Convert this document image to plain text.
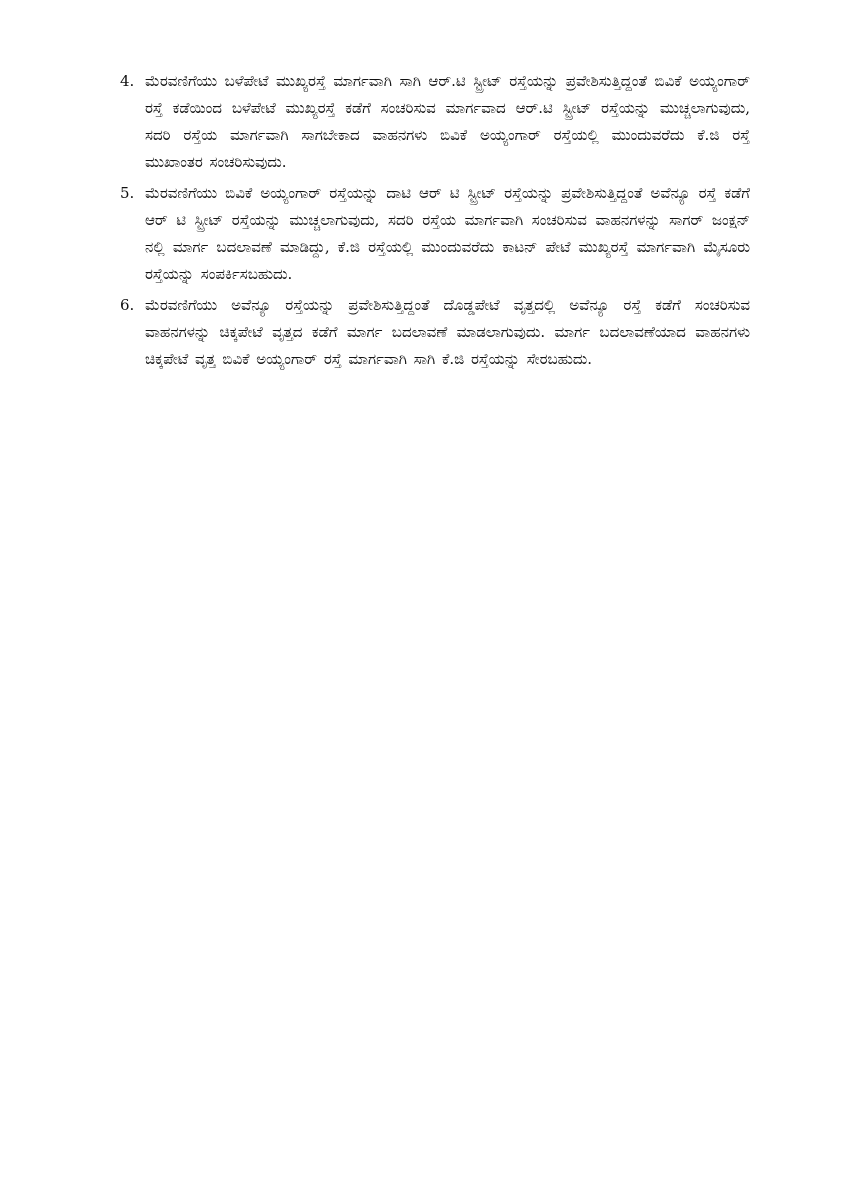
4. ಮೆರವಣಿಗೆಯು ಬಳೆಪೇಟೆ ಮುಖ್ಯರಸ್ತೆ ಮಾರ್ಗವಾಗಿ ಸಾಗಿ ಆರ್.ಟಿ ಸ್ಟ್ರೀಟ್ ರಸ್ತೆಯನ್ನು ಪ್ರವೇಶಿಸುತ್ತಿದ್ದಂತೆ ಬಿವಿಕೆ ಅಯ್ಯಂಗಾರ್ ರಸ್ತೆ ಕಡೆಯಿಂದ ಬಳೆಪೇಟೆ ಮುಖ್ಯರಸ್ತೆ ಕಡೆಗೆ ಸಂಚರಿಸುವ ಮಾರ್ಗವಾದ ಆರ್.ಟಿ ಸ್ಟ್ರೀಟ್ ರಸ್ತೆಯನ್ನು ಮುಚ್ಚಲಾಗುವುದು, ಸದರಿ ರಸ್ತೆಯ ಮಾರ್ಗವಾಗಿ ಸಾಗಬೇಕಾದ ವಾಹನಗಳು ಬಿವಿಕೆ ಅಯ್ಯಂಗಾರ್ ರಸ್ತೆಯಲ್ಲಿ ಮುಂದುವರೆದು ಕೆ.ಜಿ ರಸ್ತೆ ಮುಖಾಂತರ ಸಂಚರಿಸುವುದು.
5. ಮೆರವಣಿಗೆಯು ಬಿವಿಕೆ ಅಯ್ಯಂಗಾರ್ ರಸ್ತೆಯನ್ನು ದಾಟಿ ಆರ್ ಟಿ ಸ್ಟ್ರೀಟ್ ರಸ್ತೆಯನ್ನು ಪ್ರವೇಶಿಸುತ್ತಿದ್ದಂತೆ ಅವೆನ್ಯೂ ರಸ್ತೆ ಕಡೆಗೆ ಆರ್ ಟಿ ಸ್ಟ್ರೀಟ್ ರಸ್ತೆಯನ್ನು ಮುಚ್ಚಲಾಗುವುದು, ಸದರಿ ರಸ್ತೆಯ ಮಾರ್ಗವಾಗಿ ಸಂಚರಿಸುವ ವಾಹನಗಳನ್ನು ಸಾಗರ್ ಜಂಕ್ಷನ್ ನಲ್ಲಿ ಮಾರ್ಗ ಬದಲಾವಣೆ ಮಾಡಿದ್ದು, ಕೆ.ಜಿ ರಸ್ತೆಯಲ್ಲಿ ಮುಂದುವರೆದು ಕಾಟನ್ ಪೇಟೆ ಮುಖ್ಯರಸ್ತೆ ಮಾರ್ಗವಾಗಿ ಮೈಸೂರು ರಸ್ತೆಯನ್ನು ಸಂಪರ್ಕಿಸಬಹುದು.
6. ಮೆರವಣಿಗೆಯು ಅವೆನ್ಯೂ ರಸ್ತೆಯನ್ನು ಪ್ರವೇಶಿಸುತ್ತಿದ್ದಂತೆ ದೊಡ್ಡಪೇಟೆ ವೃತ್ತದಲ್ಲಿ ಅವೆನ್ಯೂ ರಸ್ತೆ ಕಡೆಗೆ ಸಂಚರಿಸುವ ವಾಹನಗಳನ್ನು ಚಿಕ್ಕಪೇಟೆ ವೃತ್ತದ ಕಡೆಗೆ ಮಾರ್ಗ ಬದಲಾವಣೆ ಮಾಡಲಾಗುವುದು. ಮಾರ್ಗ ಬದಲಾವಣೆಯಾದ ವಾಹನಗಳು ಚಿಕ್ಕಪೇಟೆ ವೃತ್ತ ಬಿವಿಕೆ ಅಯ್ಯಂಗಾರ್ ರಸ್ತೆ ಮಾರ್ಗವಾಗಿ ಸಾಗಿ ಕೆ.ಜಿ ರಸ್ತೆಯನ್ನು ಸೇರಬಹುದು.
